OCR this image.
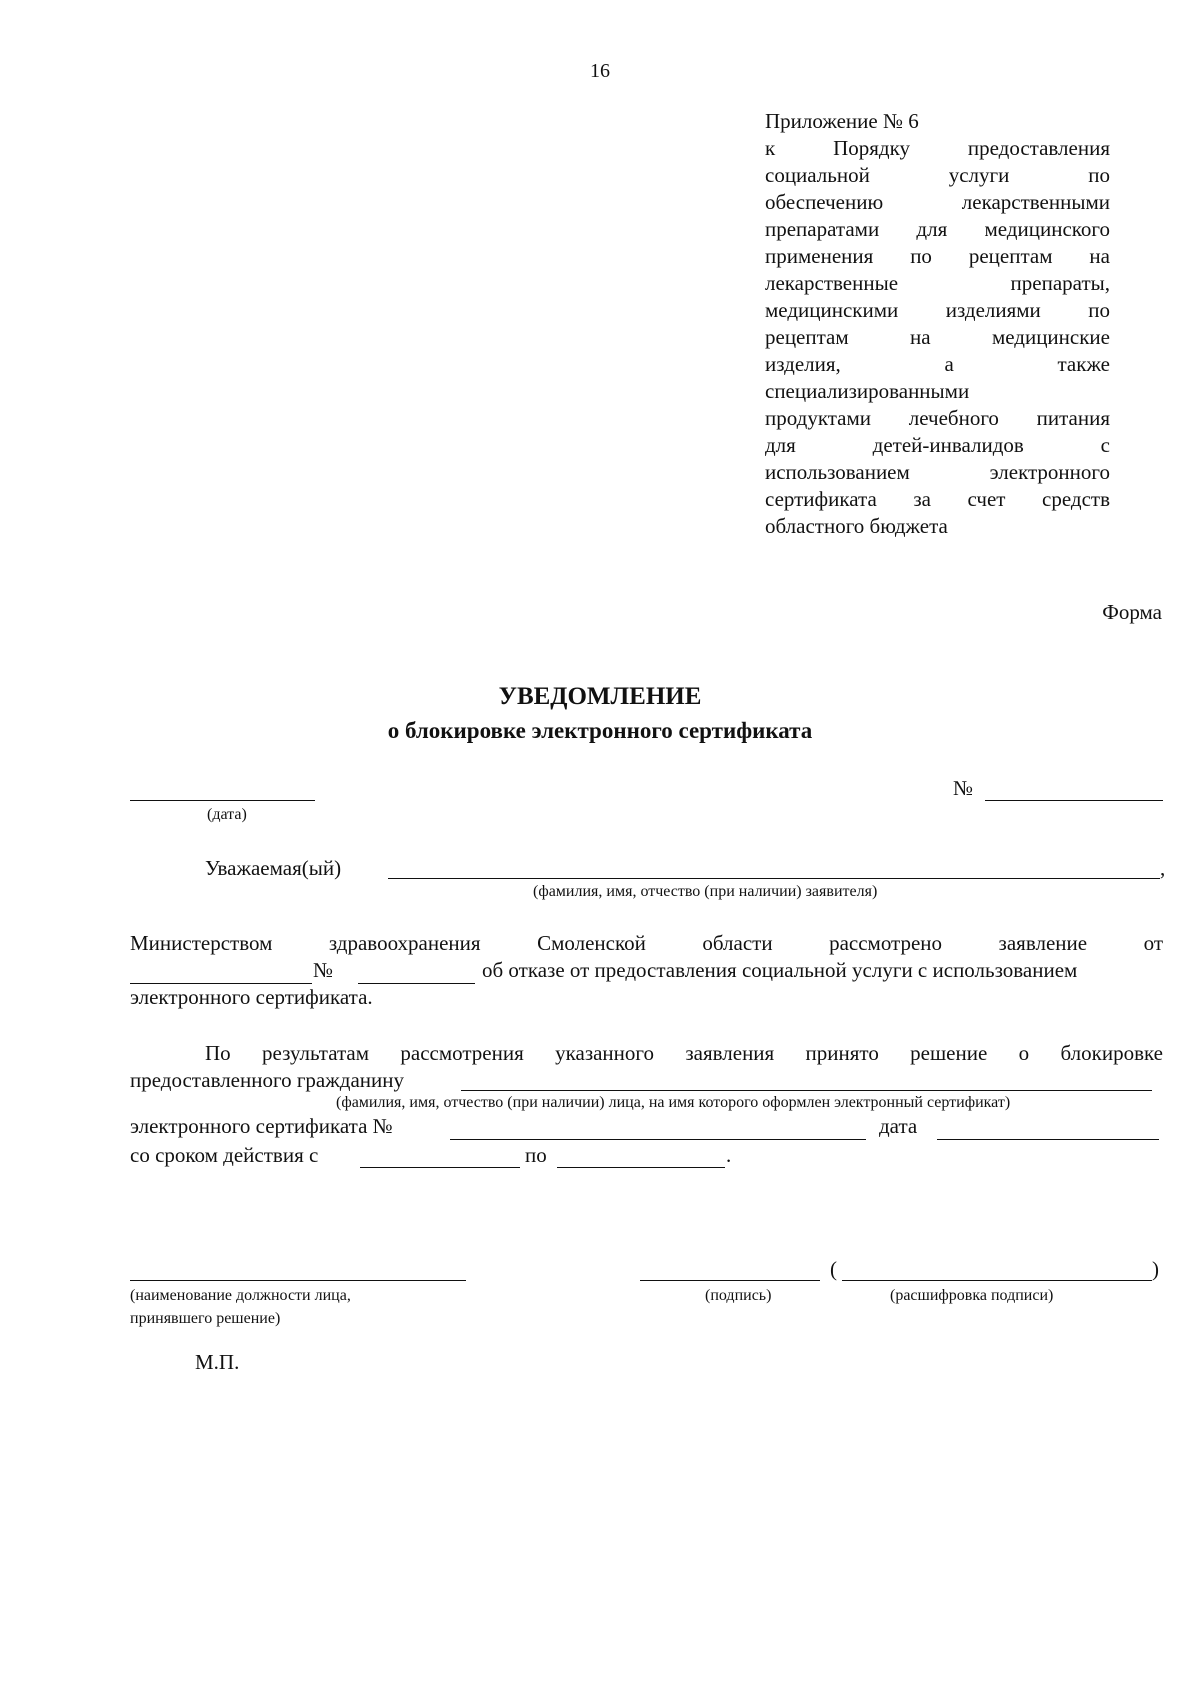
16
Приложение № 6
к Порядку предоставления
социальной услуги по
обеспечению лекарственными
препаратами для медицинского
применения по рецептам на
лекарственные препараты,
медицинскими изделиями по
рецептам на медицинские
изделия, а также
специализированными
продуктами лечебного питания
для детей-инвалидов с
использованием электронного
сертификата за счет средств
областного бюджета
Форма
УВЕДОМЛЕНИЕ
о блокировке электронного сертификата
(дата)
№
Уважаемая(ый)	,
(фамилия, имя, отчество (при наличии) заявителя)
Министерством здравоохранения Смоленской области рассмотрено заявление от
№	об отказе от предоставления социальной услуги с использованием
электронного сертификата.
По результатам рассмотрения указанного заявления принято решение о блокировке
предоставленного гражданину
(фамилия, имя, отчество (при наличии) лица, на имя которого оформлен электронный сертификат)
электронного сертификата №	дата
со сроком действия с	по	.
(наименование должности лица,
принявшего решение)
(подпись)
(	)
(расшифровка подписи)
М.П.
